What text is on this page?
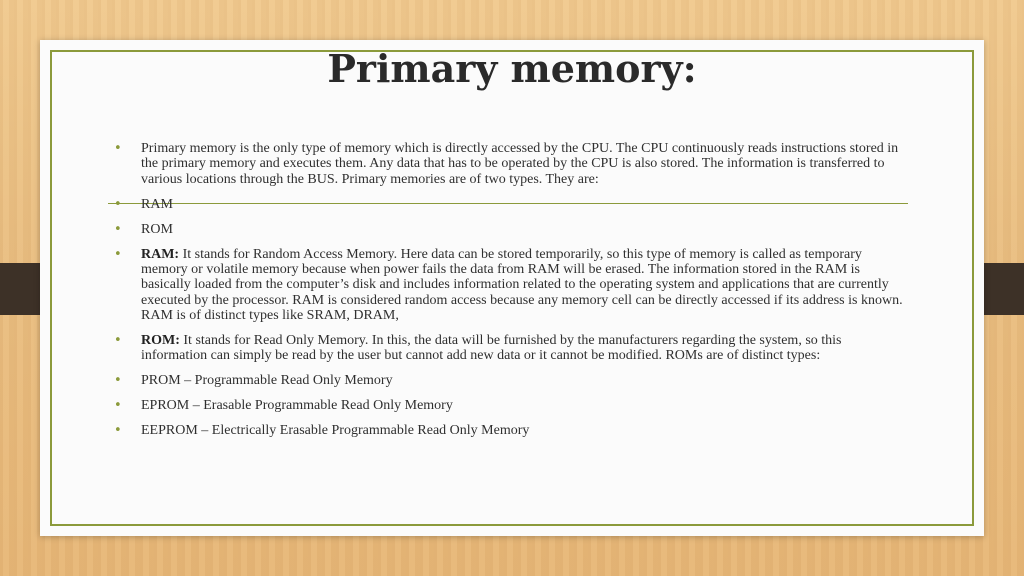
Primary memory:
• Primary memory is the only type of memory which is directly accessed by the CPU. The CPU continuously reads instructions stored in the primary memory and executes them. Any data that has to be operated by the CPU is also stored. The information is transferred to various locations through the BUS. Primary memories are of two types. They are:
• RAM
• ROM
• RAM: It stands for Random Access Memory. Here data can be stored temporarily, so this type of memory is called as temporary memory or volatile memory because when power fails the data from RAM will be erased. The information stored in the RAM is basically loaded from the computer’s disk and includes information related to the operating system and applications that are currently executed by the processor. RAM is considered random access because any memory cell can be directly accessed if its address is known. RAM is of distinct types like SRAM, DRAM,
• ROM: It stands for Read Only Memory. In this, the data will be furnished by the manufacturers regarding the system, so this information can simply be read by the user but cannot add new data or it cannot be modified. ROMs are of distinct types:
• PROM – Programmable Read Only Memory
• EPROM – Erasable Programmable Read Only Memory
• EEPROM – Electrically Erasable Programmable Read Only Memory
